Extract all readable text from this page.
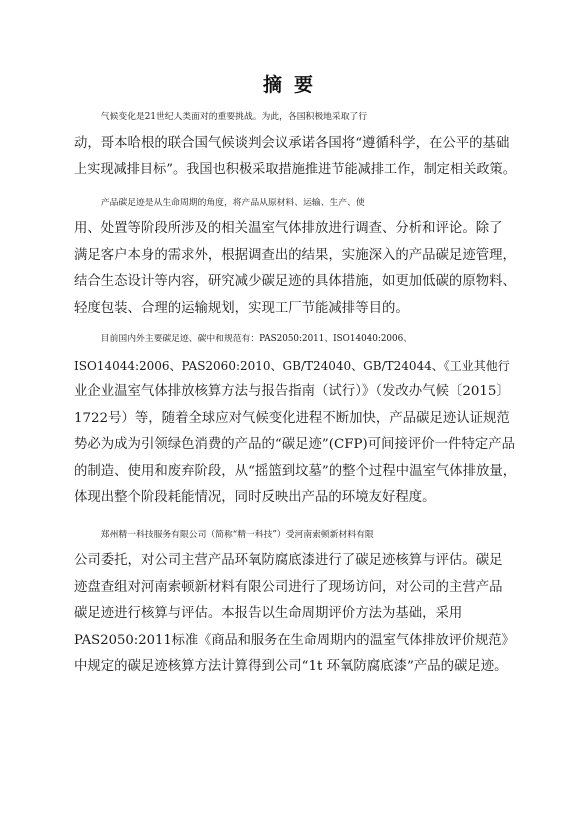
摘要

气候变化是21世纪人类面对的重要挑战。为此，各国积极地采取了行
动，哥本哈根的联合国气候谈判会议承诺各国将“遵循科学，在公平的基础
上实现减排目标”。我国也积极采取措施推进节能减排工作，制定相关政策。

产品碳足迹是从生命周期的角度，将产品从原材料、运输、生产、使
用、处置等阶段所涉及的相关温室气体排放进行调查、分析和评论。除了
满足客户本身的需求外，根据调查出的结果，实施深入的产品碳足迹管理，
结合生态设计等内容，研究减少碳足迹的具体措施，如更加低碳的原物料、
轻度包装、合理的运输规划，实现工厂节能减排等目的。

目前国内外主要碳足迹、碳中和规范有：PAS2050:2011、ISO14040:2006、
ISO14044:2006、PAS2060:2010、GB/T24040、GB/T24044、《工业其他行
业企业温室气体排放核算方法与报告指南（试行）》（发改办气候〔2015〕
1722号）等，随着全球应对气候变化进程不断加快，产品碳足迹认证规范
势必为成为引领绿色消费的产品的“碳足迹”(CFP)可间接评价一件特定产品
的制造、使用和废弃阶段，从“摇篮到坟墓”的整个过程中温室气体排放量，
体现出整个阶段耗能情况，同时反映出产品的环境友好程度。

郑州精一科技服务有限公司（简称“精一科技”）受河南索顿新材料有限
公司委托，对公司主营产品环氧防腐底漆进行了碳足迹核算与评估。碳足
迹盘查组对河南索顿新材料有限公司进行了现场访问，对公司的主营产品
碳足迹进行核算与评估。本报告以生命周期评价方法为基础，采用
PAS2050:2011标准《商品和服务在生命周期内的温室气体排放评价规范》
中规定的碳足迹核算方法计算得到公司“1t 环氧防腐底漆”产品的碳足迹。
